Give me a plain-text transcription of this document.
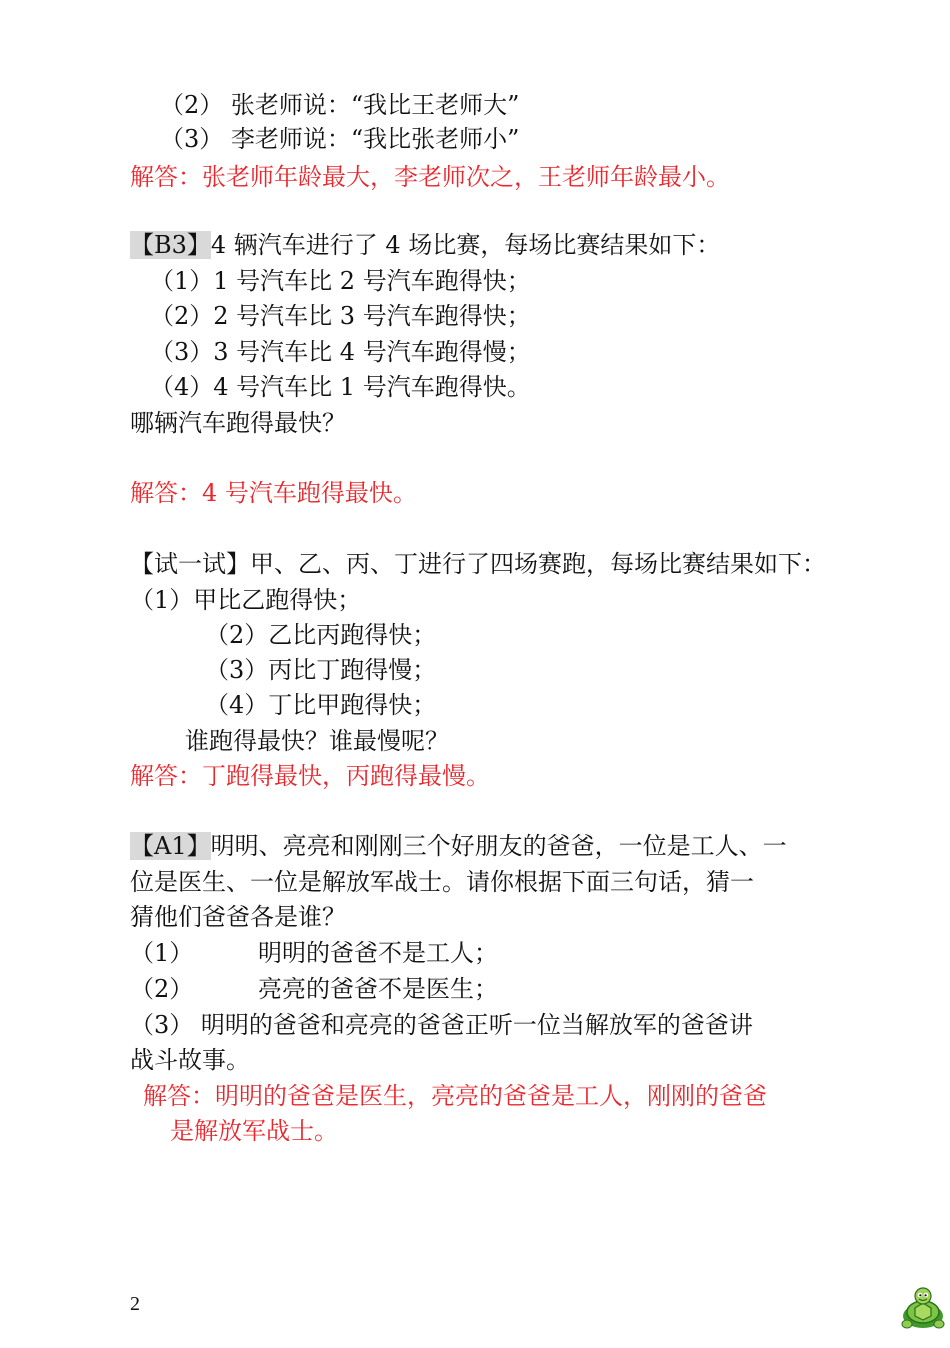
（2） 张老师说：“我比王老师大”
（3） 李老师说：“我比张老师小”
解答：张老师年龄最大，李老师次之，王老师年龄最小。
【B3】4 辆汽车进行了 4 场比赛，每场比赛结果如下：
（1）1 号汽车比 2 号汽车跑得快；
（2）2 号汽车比 3 号汽车跑得快；
（3）3 号汽车比 4 号汽车跑得慢；
（4）4 号汽车比 1 号汽车跑得快。
哪辆汽车跑得最快？
解答：4 号汽车跑得最快。
【试一试】甲、乙、丙、丁进行了四场赛跑，每场比赛结果如下：
（1）甲比乙跑得快；
（2）乙比丙跑得快；
（3）丙比丁跑得慢；
（4）丁比甲跑得快；
谁跑得最快？谁最慢呢？
解答：丁跑得最快，丙跑得最慢。
【A1】明明、亮亮和刚刚三个好朋友的爸爸，一位是工人、一
位是医生、一位是解放军战士。请你根据下面三句话，猜一
猜他们爸爸各是谁？
（1）	明明的爸爸不是工人；
（2）	亮亮的爸爸不是医生；
（3） 明明的爸爸和亮亮的爸爸正听一位当解放军的爸爸讲
战斗故事。
解答：明明的爸爸是医生，亮亮的爸爸是工人，刚刚的爸爸
是解放军战士。
2
